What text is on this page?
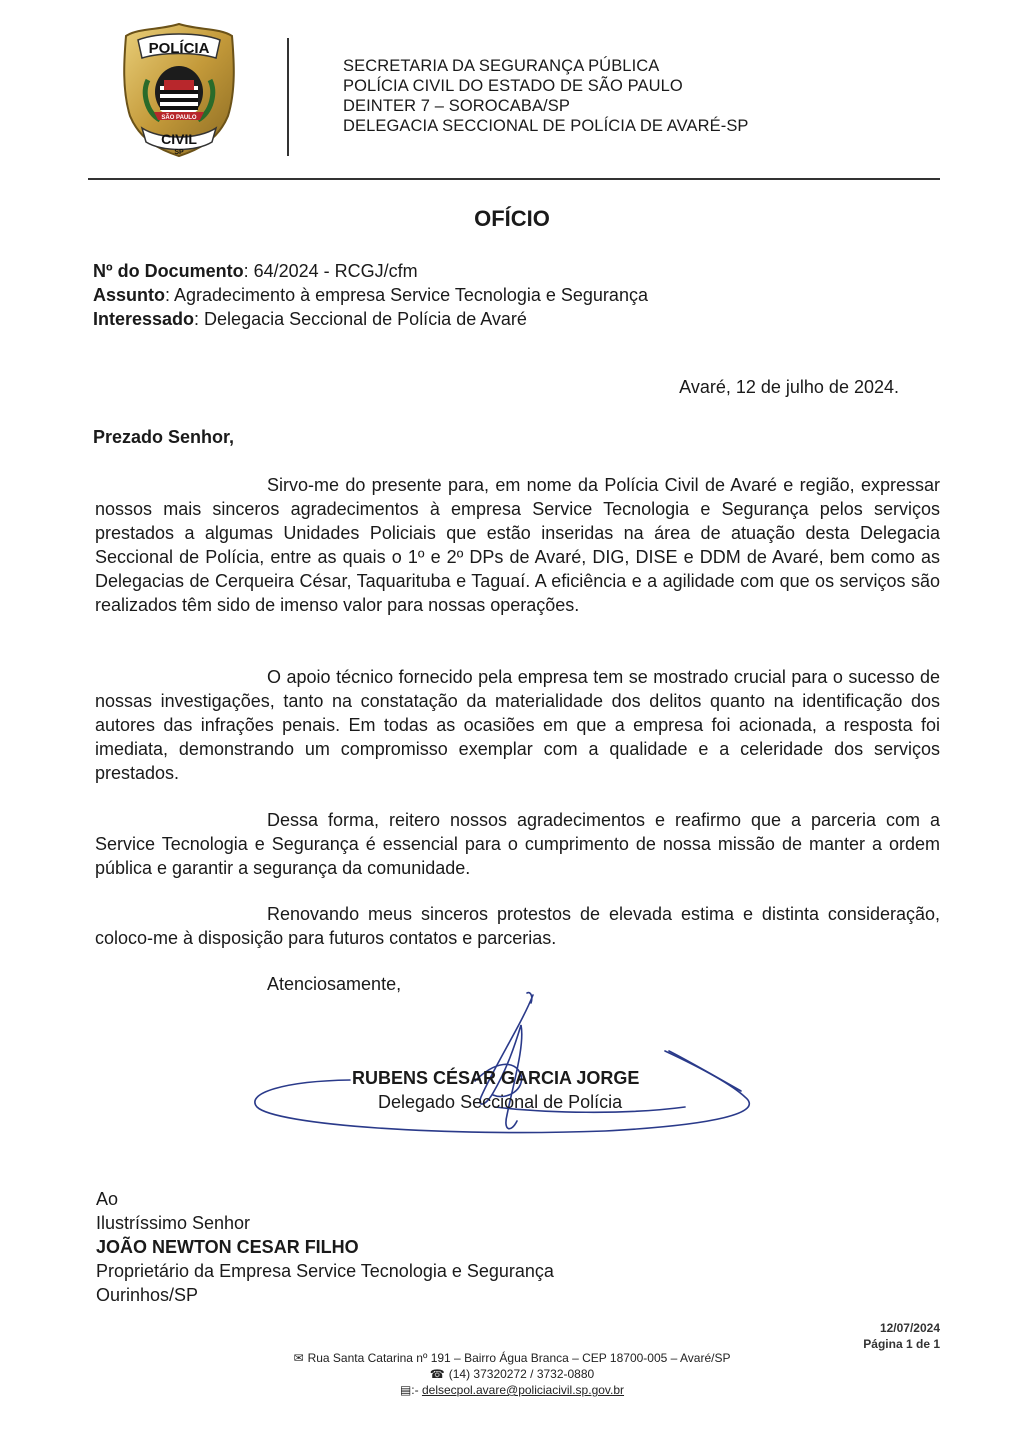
POLÍCIA
SÃO PAULO
CIVIL
SP
SECRETARIA DA SEGURANÇA PÚBLICA
POLÍCIA CIVIL DO ESTADO DE SÃO PAULO
DEINTER 7 – SOROCABA/SP
DELEGACIA SECCIONAL DE POLÍCIA DE AVARÉ-SP
OFÍCIO
Nº do Documento: 64/2024 - RCGJ/cfm
Assunto: Agradecimento à empresa Service Tecnologia e Segurança
Interessado: Delegacia Seccional de Polícia de Avaré
Avaré, 12 de julho de 2024.
Prezado Senhor,

Sirvo-me do presente para, em nome da Polícia Civil de Avaré e região, expressar nossos mais sinceros agradecimentos à empresa Service Tecnologia e Segurança pelos serviços prestados a algumas Unidades Policiais que estão inseridas na área de atuação desta Delegacia Seccional de Polícia, entre as quais o 1º e 2º DPs de Avaré, DIG, DISE e DDM de Avaré, bem como as Delegacias de Cerqueira César, Taquarituba e Taguaí. A eficiência e a agilidade com que os serviços são realizados têm sido de imenso valor para nossas operações.

O apoio técnico fornecido pela empresa tem se mostrado crucial para o sucesso de nossas investigações, tanto na constatação da materialidade dos delitos quanto na identificação dos autores das infrações penais. Em todas as ocasiões em que a empresa foi acionada, a resposta foi imediata, demonstrando um compromisso exemplar com a qualidade e a celeridade dos serviços prestados.

Dessa forma, reitero nossos agradecimentos e reafirmo que a parceria com a Service Tecnologia e Segurança é essencial para o cumprimento de nossa missão de manter a ordem pública e garantir a segurança da comunidade.

Renovando meus sinceros protestos de elevada estima e distinta consideração, coloco-me à disposição para futuros contatos e parcerias.

Atenciosamente,
RUBENS CÉSAR GARCIA JORGE
Delegado Seccional de Polícia
Ao
Ilustríssimo Senhor
JOÃO NEWTON CESAR FILHO
Proprietário da Empresa Service Tecnologia e Segurança
Ourinhos/SP
12/07/2024
Página 1 de 1
✉ Rua Santa Catarina nº 191 – Bairro Água Branca – CEP 18700-005 – Avaré/SP
☎ (14) 37320272 / 3732-0880
▤:- delsecpol.avare@policiacivil.sp.gov.br
